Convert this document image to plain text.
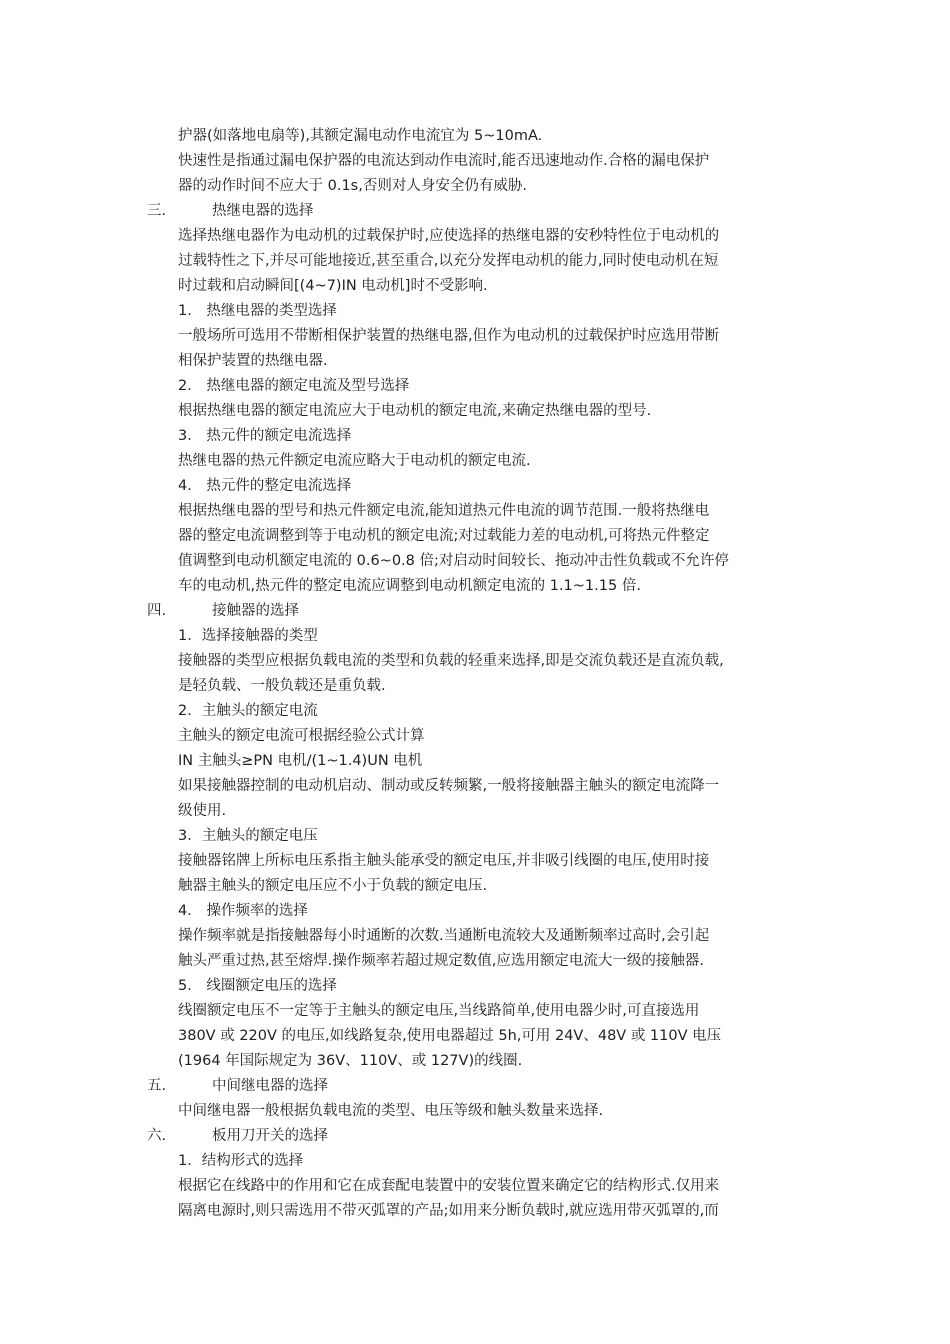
护器(如落地电扇等),其额定漏电动作电流宜为 5~10mA.
快速性是指通过漏电保护器的电流达到动作电流时,能否迅速地动作.合格的漏电保护
器的动作时间不应大于 0.1s,否则对人身安全仍有威胁.
三.	热继电器的选择
选择热继电器作为电动机的过载保护时,应使选择的热继电器的安秒特性位于电动机的
过载特性之下,并尽可能地接近,甚至重合,以充分发挥电动机的能力,同时使电动机在短
时过载和启动瞬间[(4~7)IN 电动机]时不受影响.
1． 热继电器的类型选择
一般场所可选用不带断相保护装置的热继电器,但作为电动机的过载保护时应选用带断
相保护装置的热继电器.
2． 热继电器的额定电流及型号选择
根据热继电器的额定电流应大于电动机的额定电流,来确定热继电器的型号.
3． 热元件的额定电流选择
热继电器的热元件额定电流应略大于电动机的额定电流.
4． 热元件的整定电流选择
根据热继电器的型号和热元件额定电流,能知道热元件电流的调节范围.一般将热继电
器的整定电流调整到等于电动机的额定电流;对过载能力差的电动机,可将热元件整定
值调整到电动机额定电流的 0.6~0.8 倍;对启动时间较长、拖动冲击性负载或不允许停
车的电动机,热元件的整定电流应调整到电动机额定电流的 1.1~1.15 倍.
四.	接触器的选择
1．选择接触器的类型
接触器的类型应根据负载电流的类型和负载的轻重来选择,即是交流负载还是直流负载,
是轻负载、一般负载还是重负载.
2．主触头的额定电流
主触头的额定电流可根据经验公式计算
IN 主触头≥PN 电机/(1~1.4)UN 电机
如果接触器控制的电动机启动、制动或反转频繁,一般将接触器主触头的额定电流降一
级使用.
3．主触头的额定电压
接触器铭牌上所标电压系指主触头能承受的额定电压,并非吸引线圈的电压,使用时接
触器主触头的额定电压应不小于负载的额定电压.
4． 操作频率的选择
操作频率就是指接触器每小时通断的次数.当通断电流较大及通断频率过高时,会引起
触头严重过热,甚至熔焊.操作频率若超过规定数值,应选用额定电流大一级的接触器.
5． 线圈额定电压的选择
线圈额定电压不一定等于主触头的额定电压,当线路简单,使用电器少时,可直接选用
380V 或 220V 的电压,如线路复杂,使用电器超过 5h,可用 24V、48V 或 110V 电压
(1964 年国际规定为 36V、110V、或 127V)的线圈.
五.	中间继电器的选择
中间继电器一般根据负载电流的类型、电压等级和触头数量来选择.
六.	板用刀开关的选择
1．结构形式的选择
根据它在线路中的作用和它在成套配电装置中的安装位置来确定它的结构形式.仅用来
隔离电源时,则只需选用不带灭弧罩的产品;如用来分断负载时,就应选用带灭弧罩的,而
